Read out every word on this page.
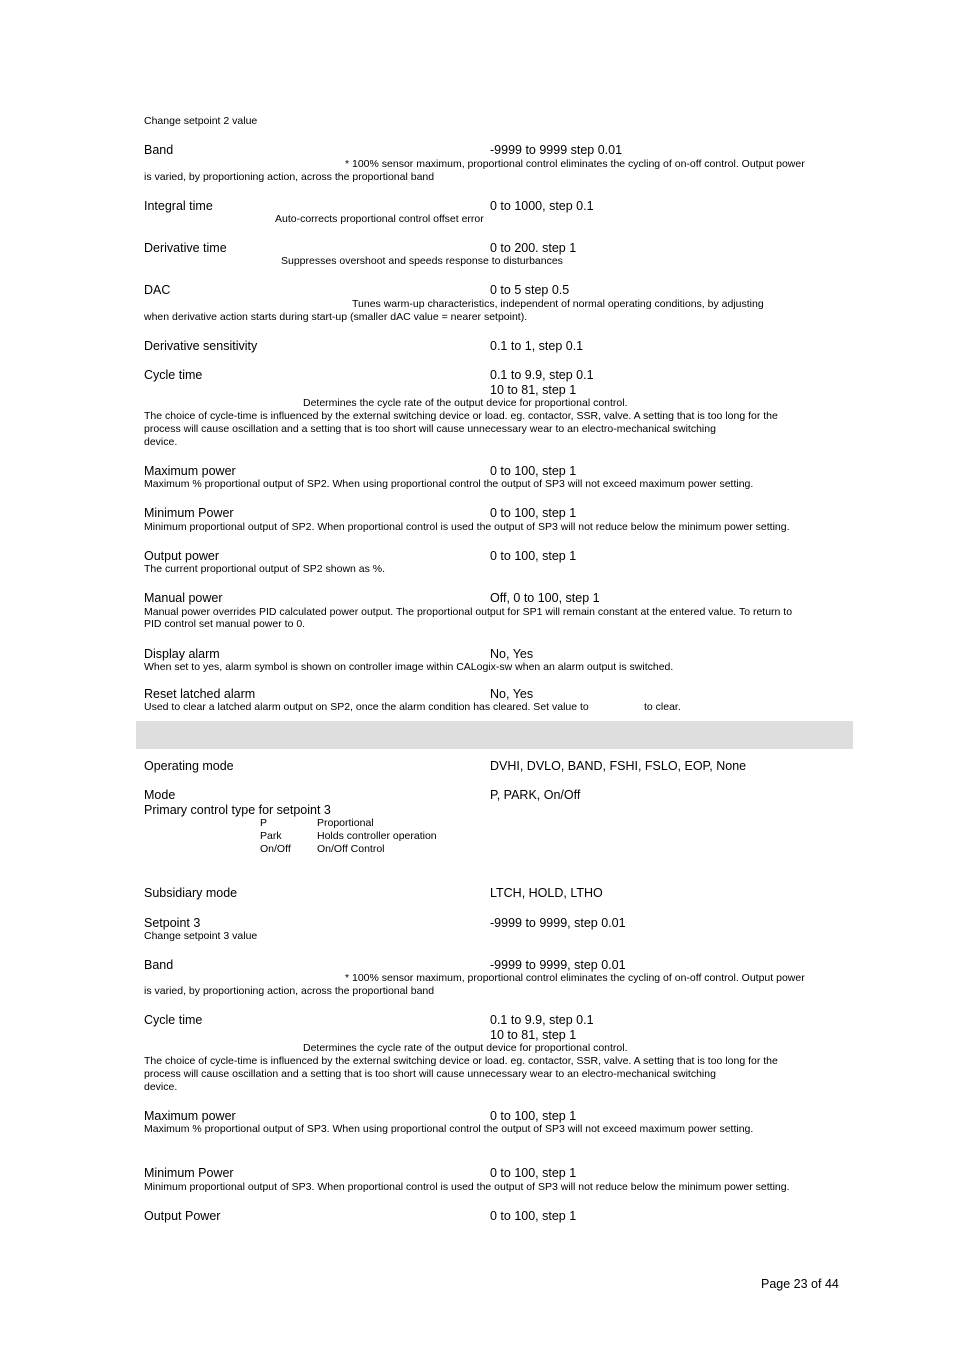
Change setpoint 2 value
Band	-9999 to 9999 step 0.01
* 100% sensor maximum, proportional control eliminates the cycling of on-off control. Output power
is varied, by proportioning action, across the proportional band
Integral time	0 to 1000, step 0.1
Auto-corrects proportional control offset error
Derivative time	0 to 200. step 1
Suppresses overshoot and speeds response to disturbances
DAC	0 to 5 step 0.5
Tunes warm-up characteristics, independent of normal operating conditions, by adjusting
when derivative action starts during start-up (smaller dAC value = nearer setpoint).
Derivative sensitivity	0.1 to 1, step 0.1
Cycle time	0.1 to 9.9, step 0.1
10 to 81, step 1
Determines the cycle rate of the output device for proportional control.
The choice of cycle-time is influenced by the external switching device or load. eg. contactor, SSR, valve. A setting that is too long for the
process will cause oscillation and a setting that is too short will cause unnecessary wear to an electro-mechanical switching
device.
Maximum power	0 to 100, step 1
Maximum % proportional output of SP2. When using proportional control the output of SP3 will not exceed maximum power setting.
Minimum Power	0 to 100, step 1
Minimum proportional output of SP2. When proportional control is used the output of SP3 will not reduce below the minimum power setting.
Output power	0 to 100, step 1
The current proportional output of SP2 shown as %.
Manual power	Off, 0 to 100, step 1
Manual power overrides PID calculated power output. The proportional output for SP1 will remain constant at the entered value. To return to
PID control set manual power to 0.
Display alarm	No, Yes
When set to yes, alarm symbol is shown on controller image within CALogix-sw when an alarm output is switched.
Reset latched alarm	No, Yes
Used to clear a latched alarm output on SP2, once the alarm condition has cleared. Set value to	to clear.
Operating mode	DVHI, DVLO, BAND, FSHI, FSLO, EOP, None
Mode	P, PARK, On/Off
Primary control type for setpoint 3
P	Proportional
Park	Holds controller operation
On/Off	On/Off Control
Subsidiary mode	LTCH, HOLD, LTHO
Setpoint 3	-9999 to 9999, step 0.01
Change setpoint 3 value
Band	-9999 to 9999, step 0.01
* 100% sensor maximum, proportional control eliminates the cycling of on-off control. Output power
is varied, by proportioning action, across the proportional band
Cycle time	0.1 to 9.9, step 0.1
10 to 81, step 1
Determines the cycle rate of the output device for proportional control.
The choice of cycle-time is influenced by the external switching device or load. eg. contactor, SSR, valve. A setting that is too long for the
process will cause oscillation and a setting that is too short will cause unnecessary wear to an electro-mechanical switching
device.
Maximum power	0 to 100, step 1
Maximum % proportional output of SP3. When using proportional control the output of SP3 will not exceed maximum power setting.
Minimum Power	0 to 100, step 1
Minimum proportional output of SP3. When proportional control is used the output of SP3 will not reduce below the minimum power setting.
Output Power	0 to 100, step 1
Page 23 of 44
